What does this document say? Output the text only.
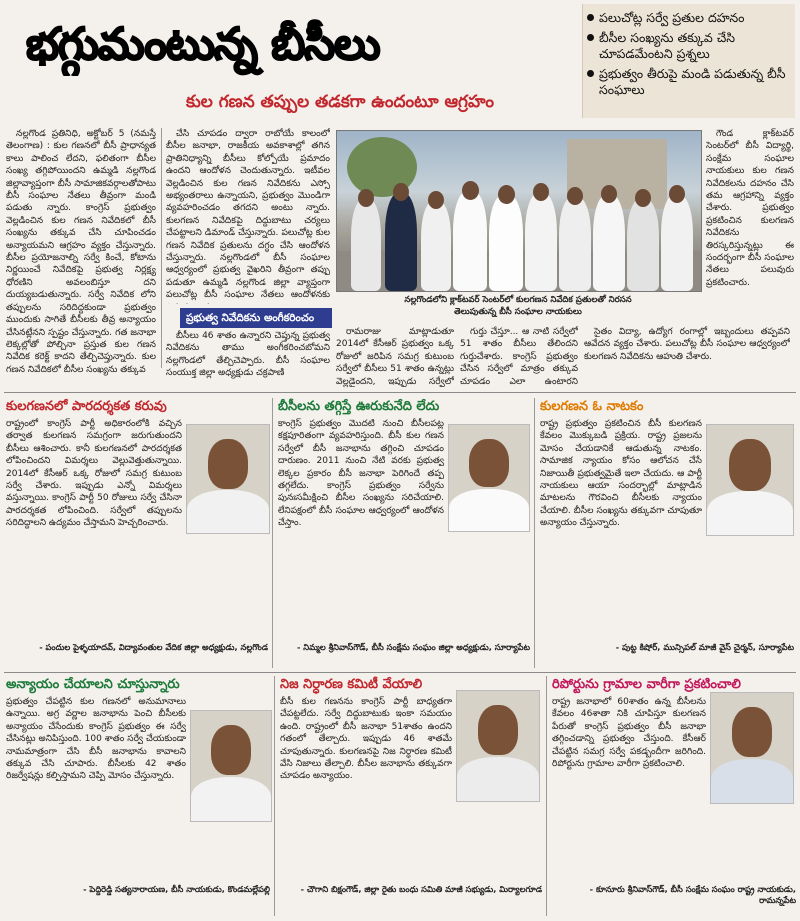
భగ్గుమంటున్న బీసీలు
కుల గణన తప్పుల తడకగా ఉందంటూ ఆగ్రహం
పలుచోట్ల సర్వే ప్రతుల దహనం
బీసీల సంఖ్యను తక్కువ చేసి చూపడమేంటని ప్రశ్నలు
ప్రభుత్వం తీరుపై మండి పడుతున్న బీసీ సంఘాలు

నల్లగొండ ప్రతినిధి, అక్టోబర్ 5 (నమస్తే తెలంగాణ) : కుల గణనలో బీసీ ప్రాధాన్యత కాలు పాలించ లేదని, ఫలితంగా బీసీల సంఖ్య తగ్గిపోయిందని ఉమ్మడి నల్లగొండ జిల్లావ్యాప్తంగా బీసీ సామాజికవర్గాలతోపాటు బీసీ సంఘాల నేతలు తీవ్రంగా మండి పడుతు న్నారు. కాంగ్రెస్ ప్రభుత్వం వెల్లడించిన కుల గణన నివేదికలో బీసీ సంఖ్యను తక్కువ చేసి చూపించడం అన్యాయమని ఆగ్రహం వ్యక్తం చేస్తున్నారు. బీసీల ప్రయోజనాల్ని సర్వే కించే, కోటాను నిర్ణయించే నివేదికపై ప్రభుత్వ నిర్లక్ష్య ధోరణిని అవలంబిస్తూ దని దుయ్యబడుతున్నారు. సర్వే నివేదిక లోని తప్పులను సరిదిద్దకుండా ప్రభుత్వం ముందుకు సాగితే బీసీలకు తీవ్ర అన్యాయం చేసినట్లేనని స్పష్టం చేస్తున్నారు. గత జనాభా లెక్కల్లోతో పోల్చినా ప్రస్తుత కుల గణన నివేదిక కరెక్ట్ కాదని తేల్చిచెప్తున్నారు. కుల గణన నివేదికలో బీసీల సంఖ్యను తక్కువ

చేసి చూపడం ద్వారా రాబోయే కాలంలో బీసీల జనాభా, రాజకీయ అవకాశాల్లో తగిన ప్రాతినిధ్యాన్ని బీసీలు కోల్పోయే ప్రమాదం ఉందని ఆందోళన చెందుతున్నారు. ఇటీవల వెల్లడించిన కుల గణన నివేదికను ఎస్సో అభ్యంతరాలు ఉన్నాయని, ప్రభుత్వం మొండిగా వ్యవహరించడం తగదని అంటు న్నారు. కులగణన నివేదికపై దిద్దుబాటు చర్యలు చేపట్టాలని డిమాండ్ చేస్తున్నారు. పలుచోట్ల కుల గణన నివేదిక ప్రతులను దగ్ధం చేసి ఆందోళన చేస్తున్నారు. నల్లగొండలో బీసీ సంఘాల ఆధ్వర్యంలో ప్రభుత్వ వైఖరిని తీవ్రంగా తప్పు పడుతూ ఉమ్మడి నల్లగొండ జిల్లా వ్యాప్తంగా పలుచోట్ల బీసీ సంఘాల నేతలు ఆందోళనకు

ప్రభుత్వ నివేదికను అంగీకరించం

బీసీలు 46 శాతం ఉన్నారని చెప్తున్న ప్రభుత్వ నివేదికను తాము అంగీకరించబోమని నల్లగొండలో తేల్చిచెప్పారు. బీసీ సంఘాల సంయుక్త జిల్లా అధ్యక్షుడు చక్రపాణి

నల్లగొండలోని క్లాక్‌టవర్ సెంటర్‌లో కులగణన నివేదిక ప్రతులతో నిరసన
తెలుపుతున్న బీసీ సంఘాల నాయకులు

రామరాజు మాట్లాడుతూ 2014లో కేసీఆర్ ప్రభుత్వం ఒక్క రోజులో జరిపిన సమగ్ర కుటుంబ సర్వేలో బీసీలు 51 శాతం ఉన్నట్లు వెల్లడైందని, ఇప్పుడు సర్వేలో

గుర్తు చేస్తూ... ఆ నాటి సర్వేలో 51 శాతం బీసీలు తేలిందని గుర్తుచేశారు. కాంగ్రెస్ ప్రభుత్వం చేసిన సర్వేలో మాత్రం తక్కువ చూపడం ఎలా ఉంటారని

సైతం విద్యా, ఉద్యోగ రంగాల్లో ఇబ్బందులు తప్పవని ఆవేదన వ్యక్తం చేశారు. పలుచోట్ల బీసీ సంఘాల ఆధ్వర్యంలో కులగణన నివేదికను ఆహుతి చేశారు.

గౌండ క్లాక్‌టవర్ సెంటర్‌లో బీసీ విద్యార్థి, సంక్షేమ సంఘాల నాయకులు కుల గణన నివేదికలను దహనం చేసి తమ ఆగ్రహాన్ని వ్యక్తం చేశారు. ప్రభుత్వం ప్రకటించిన కులగణన నివేదికను తిరస్కరిస్తున్నట్లు ఈ సందర్భంగా బీసీ సంఘాల నేతలు పలువురు ప్రకటించారు.

కులగణనలో పారదర్శకత కరువు
రాష్ట్రంలో కాంగ్రెస్ పార్టీ అధికారంలోకి వచ్చిన తర్వాత కులగణన సమగ్రంగా జరుగుతుందని బీసీలు ఆశించారు. కానీ కులగణనలో పారదర్శకత లోపించిందని విమర్శలు వెల్లువెత్తుతున్నాయి. 2014లో కేసీఆర్ ఒక్క రోజులో సమగ్ర కుటుంబ సర్వే చేశారు. ఇప్పుడు ఎన్నో విమర్శలు వస్తున్నాయి. కాంగ్రెస్ పార్టీ 50 రోజులు సర్వే చేసినా పారదర్శకత లోపించింది. సర్వేలో తప్పులను సరిదిద్దాలని ఉద్యమం చేస్తామని హెచ్చరించారు.
- పందుల పైళ్ళయాదవ్, విద్యావంతుల వేదిక జిల్లా అధ్యక్షుడు, నల్లగొండ
బీసీలను తగ్గిస్తే ఊరుకునేది లేదు
కాంగ్రెస్ ప్రభుత్వం మొదటి నుంచి బీసీలపట్ల కక్షపూరితంగా వ్యవహరిస్తుంది. బీసీ కుల గణన సర్వేలో బీసీ జనాభాను తగ్గించి చూపడం దారుణం. 2011 నుంచి నేటి వరకు ప్రభుత్వ లెక్కల ప్రకారం బీసీ జనాభా పెరిగిందే తప్ప తగ్గలేదు. కాంగ్రెస్ ప్రభుత్వం సర్వేను పునఃసమీక్షించి బీసీల సంఖ్యను సరిచేయాలి. లేనిపక్షంలో బీసీ సంఘాల ఆధ్వర్యంలో ఆందోళన చేస్తాం.
- నిమ్మల శ్రీనివాస్‌గౌడ్, బీసీ సంక్షేమ సంఘం జిల్లా అధ్యక్షుడు, సూర్యాపేట
కులగణన ఓ నాటకం
రాష్ట్ర ప్రభుత్వం ప్రకటించిన బీసీ కులగణన కేవలం మొక్కుబడి ప్రక్రియ. రాష్ట్ర ప్రజలను మోసం చేయడానికే ఆడుతున్న నాటకం. సామాజిక న్యాయం కోసం ఆలోచన చేసే నిజాయితీ ప్రభుత్వమైతే ఇలా చేయదు. ఆ పార్టీ నాయకులు ఆయా సందర్భాల్లో మాట్లాడిన మాటలను గౌరవించి బీసీలకు న్యాయం చేయాలి. బీసీల సంఖ్యను తక్కువగా చూపుతూ అన్యాయం చేస్తున్నారు.
- పుట్ట కిషోర్, మున్సిపల్ మాజీ వైస్ చైర్మన్, సూర్యాపేట
అన్యాయం చేయాలని చూస్తున్నారు
ప్రభుత్వం చేపట్టిన కుల గణనలో అనుమానాలు ఉన్నాయి. అగ్ర వర్ణాల జనాభాను పెంచి బీసీలకు అన్యాయం చేసేందుకు కాంగ్రెస్ ప్రభుత్వం ఈ సర్వే చేసినట్లు అనిపిస్తుంది. 100 శాతం సర్వే చేయకుండా నామమాత్రంగా చేసి బీసీ జనాభాను కావాలని తక్కువ చేసి చూపారు. బీసీలకు 42 శాతం రిజర్వేషన్లు కల్పిస్తామని చెప్పి మోసం చేస్తున్నారు.
- పెద్దిరెడ్డి సత్యనారాయణ, బీసీ నాయకుడు, కొండమల్లేపల్లి
నిజ నిర్ధారణ కమిటీ వేయాలి
బీసీ కుల గణనను కాంగ్రెస్ పార్టీ బాధ్యతగా చేపట్టలేదు. సర్వే దిద్దుబాటుకు ఇంకా సమయం ఉంది. రాష్ట్రంలో బీసీ జనాభా 51శాతం ఉందని గతంలో తేల్చారు. ఇప్పుడు 46 శాతమే చూపుతున్నారు. కులగణనపై నిజ నిర్ధారణ కమిటీ వేసి నిజాలు తేల్చాలి. బీసీల జనాభాను తక్కువగా చూపడం అన్యాయం.
- చౌగాని బిక్షంగౌడ్, జిల్లా రైతు బంధు సమితి మాజీ సభ్యుడు, మిర్యాలగూడ
రిపోర్టును గ్రామాల వారీగా ప్రకటించాలి
రాష్ట్ర జనాభాలో 60శాతం ఉన్న బీసీలను కేవలం 46శాతా నికి చూపిస్తూ కులగణన పేరుతో కాంగ్రెస్ ప్రభుత్వం బీసీ జనాభా తగ్గించడాన్ని ప్రభుత్వం చేస్తుంది. కేసీఆర్ చేపట్టిన సమగ్ర సర్వే పకడ్బందీగా జరిగింది. రిపోర్టును గ్రామాల వారీగా ప్రకటించాలి.
- కూనూరు శ్రీనివాస్‌గౌడ్, బీసీ సంక్షేమ సంఘం రాష్ట్ర నాయకుడు, రామన్నపేట
